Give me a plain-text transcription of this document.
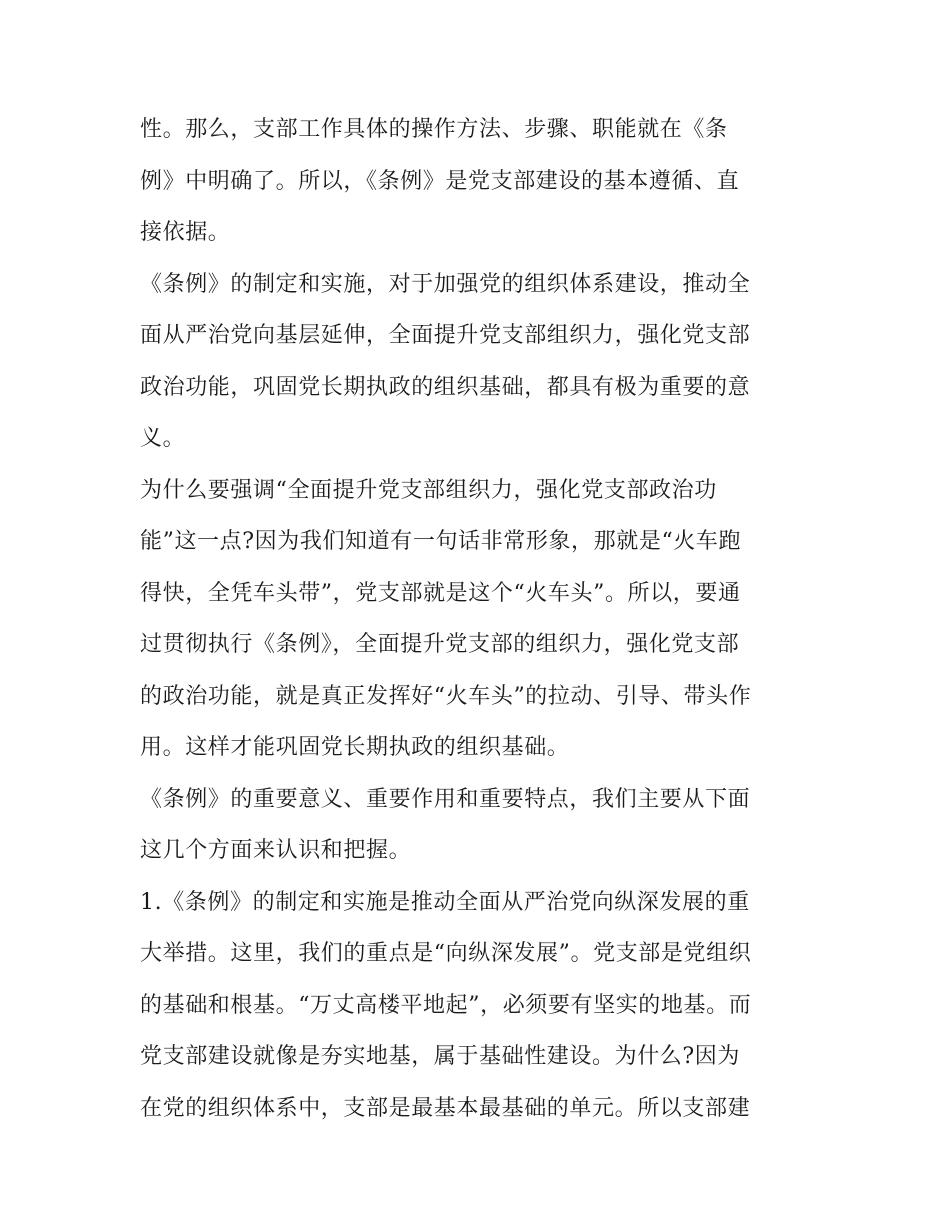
性。那么，支部工作具体的操作方法、步骤、职能就在《条
例》中明确了。所以，《条例》是党支部建设的基本遵循、直
接依据。
《条例》的制定和实施，对于加强党的组织体系建设，推动全
面从严治党向基层延伸，全面提升党支部组织力，强化党支部
政治功能，巩固党长期执政的组织基础，都具有极为重要的意
义。
为什么要强调“全面提升党支部组织力，强化党支部政治功
能”这一点?因为我们知道有一句话非常形象，那就是“火车跑
得快，全凭车头带”，党支部就是这个“火车头”。所以，要通
过贯彻执行《条例》，全面提升党支部的组织力，强化党支部
的政治功能，就是真正发挥好“火车头”的拉动、引导、带头作
用。这样才能巩固党长期执政的组织基础。
《条例》的重要意义、重要作用和重要特点，我们主要从下面
这几个方面来认识和把握。
1.《条例》的制定和实施是推动全面从严治党向纵深发展的重
大举措。这里，我们的重点是“向纵深发展”。党支部是党组织
的基础和根基。“万丈高楼平地起”，必须要有坚实的地基。而
党支部建设就像是夯实地基，属于基础性建设。为什么?因为
在党的组织体系中，支部是最基本最基础的单元。所以支部建
